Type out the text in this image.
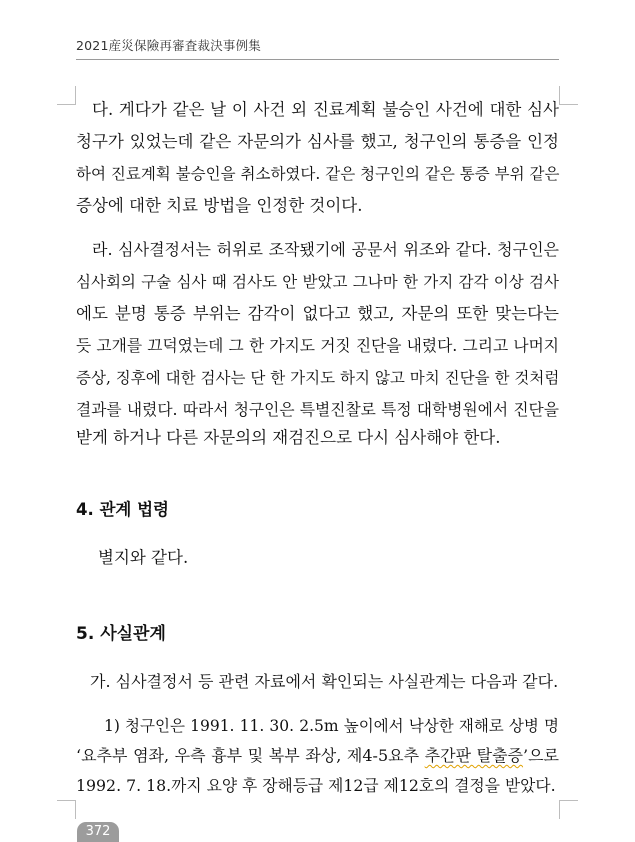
2021産災保險再審査裁決事例集
다. 게다가 같은 날 이 사건 외 진료계획 불승인 사건에 대한 심사
청구가 있었는데 같은 자문의가 심사를 했고, 청구인의 통증을 인정
하여 진료계획 불승인을 취소하였다. 같은 청구인의 같은 통증 부위 같은
증상에 대한 치료 방법을 인정한 것이다.
라. 심사결정서는 허위로 조작됐기에 공문서 위조와 같다. 청구인은
심사회의 구술 심사 때 검사도 안 받았고 그나마 한 가지 감각 이상 검사
에도 분명 통증 부위는 감각이 없다고 했고, 자문의 또한 맞는다는
듯 고개를 끄덕였는데 그 한 가지도 거짓 진단을 내렸다. 그리고 나머지
증상, 징후에 대한 검사는 단 한 가지도 하지 않고 마치 진단을 한 것처럼
결과를 내렸다. 따라서 청구인은 특별진찰로 특정 대학병원에서 진단을
받게 하거나 다른 자문의의 재검진으로 다시 심사해야 한다.
4. 관계 법령
별지와 같다.
5. 사실관계
가. 심사결정서 등 관련 자료에서 확인되는 사실관계는 다음과 같다.
1) 청구인은 1991. 11. 30. 2.5m 높이에서 낙상한 재해로 상병 명
‘요추부 염좌, 우측 흉부 및 복부 좌상, 제4-5요추 추간판 탈출증’으로
1992. 7. 18.까지 요양 후 장해등급 제12급 제12호의 결정을 받았다.
372
